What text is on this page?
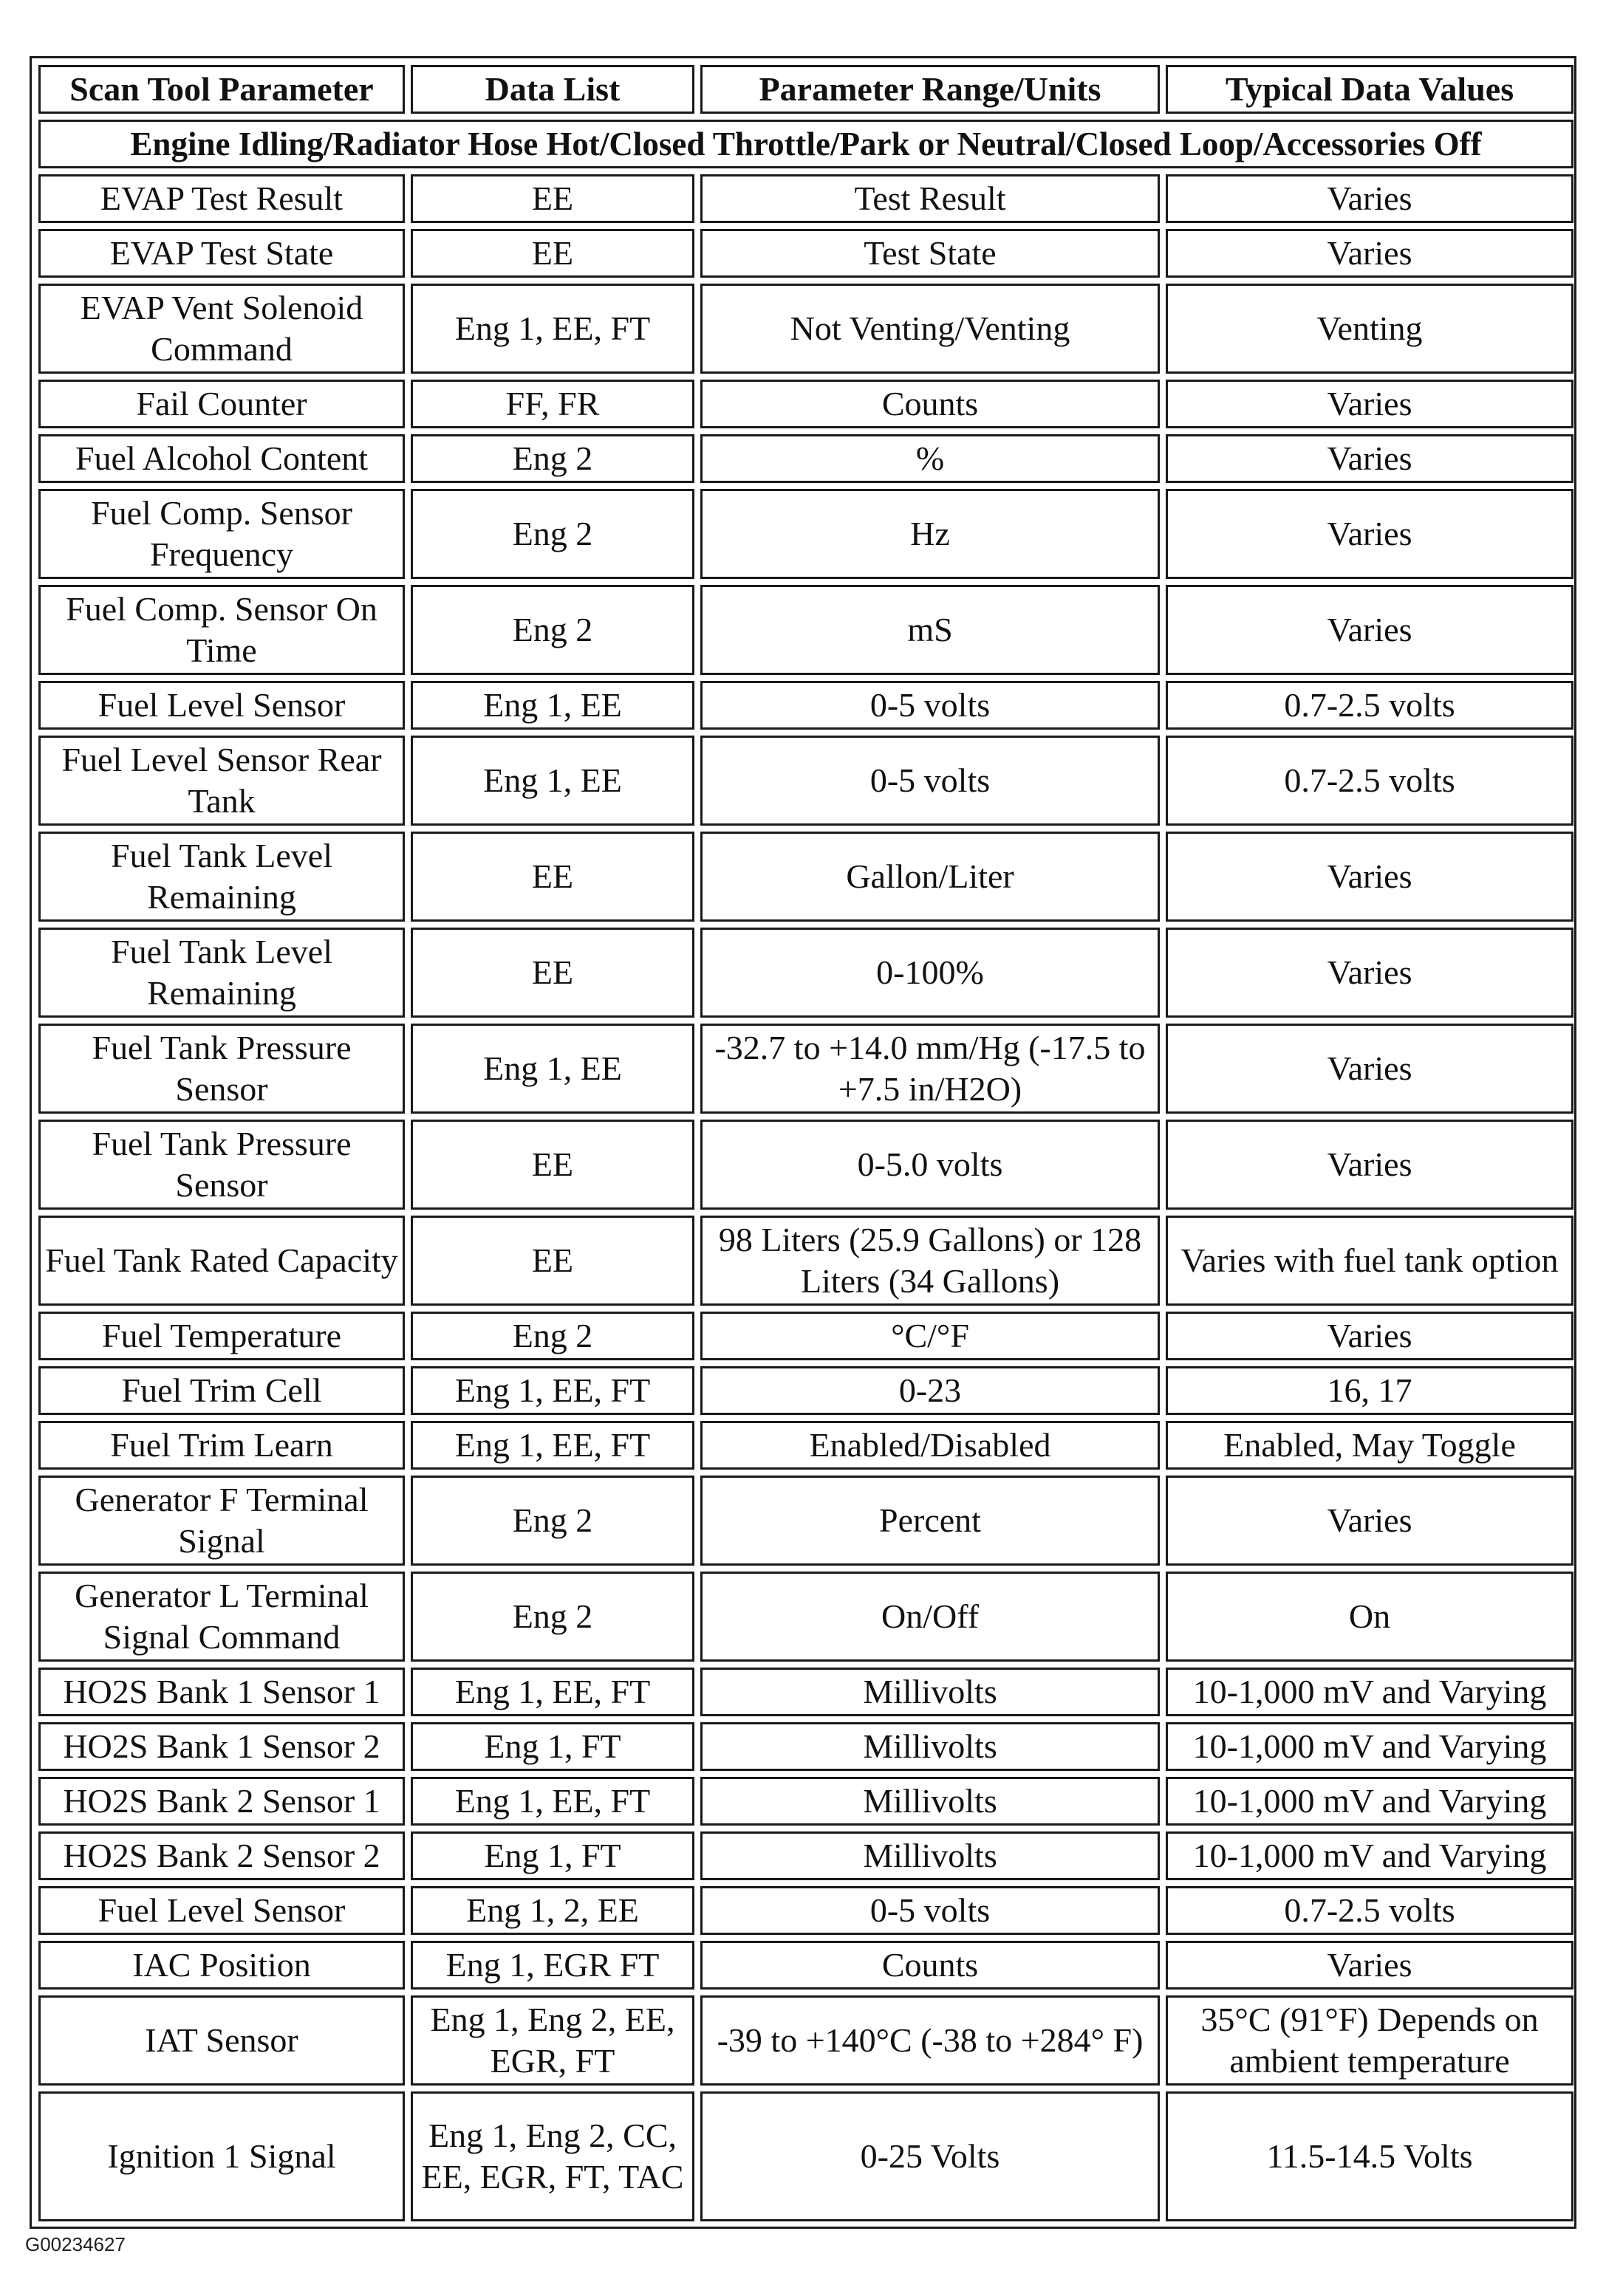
Scan Tool Parameter	Data List	Parameter Range/Units	Typical Data Values
Engine Idling/Radiator Hose Hot/Closed Throttle/Park or Neutral/Closed Loop/Accessories Off			
EVAP Test Result	EE	Test Result	Varies
EVAP Test State	EE	Test State	Varies
EVAP Vent Solenoid Command	Eng 1, EE, FT	Not Venting/Venting	Venting
Fail Counter	FF, FR	Counts	Varies
Fuel Alcohol Content	Eng 2	%	Varies
Fuel Comp. Sensor Frequency	Eng 2	Hz	Varies
Fuel Comp. Sensor On Time	Eng 2	mS	Varies
Fuel Level Sensor	Eng 1, EE	0-5 volts	0.7-2.5 volts
Fuel Level Sensor Rear Tank	Eng 1, EE	0-5 volts	0.7-2.5 volts
Fuel Tank Level Remaining	EE	Gallon/Liter	Varies
Fuel Tank Level Remaining	EE	0-100%	Varies
Fuel Tank Pressure Sensor	Eng 1, EE	-32.7 to +14.0 mm/Hg (-17.5 to +7.5 in/H2O)	Varies
Fuel Tank Pressure Sensor	EE	0-5.0 volts	Varies
Fuel Tank Rated Capacity	EE	98 Liters (25.9 Gallons) or 128 Liters (34 Gallons)	Varies with fuel tank option
Fuel Temperature	Eng 2	°C/°F	Varies
Fuel Trim Cell	Eng 1, EE, FT	0-23	16, 17
Fuel Trim Learn	Eng 1, EE, FT	Enabled/Disabled	Enabled, May Toggle
Generator F Terminal Signal	Eng 2	Percent	Varies
Generator L Terminal Signal Command	Eng 2	On/Off	On
HO2S Bank 1 Sensor 1	Eng 1, EE, FT	Millivolts	10-1,000 mV and Varying
HO2S Bank 1 Sensor 2	Eng 1, FT	Millivolts	10-1,000 mV and Varying
HO2S Bank 2 Sensor 1	Eng 1, EE, FT	Millivolts	10-1,000 mV and Varying
HO2S Bank 2 Sensor 2	Eng 1, FT	Millivolts	10-1,000 mV and Varying
Fuel Level Sensor	Eng 1, 2, EE	0-5 volts	0.7-2.5 volts
IAC Position	Eng 1, EGR FT	Counts	Varies
IAT Sensor	Eng 1, Eng 2, EE, EGR, FT	-39 to +140°C (-38 to +284° F)	35°C (91°F) Depends on ambient temperature
Ignition 1 Signal	Eng 1, Eng 2, CC, EE, EGR, FT, TAC	0-25 Volts	11.5-14.5 Volts
G00234627
